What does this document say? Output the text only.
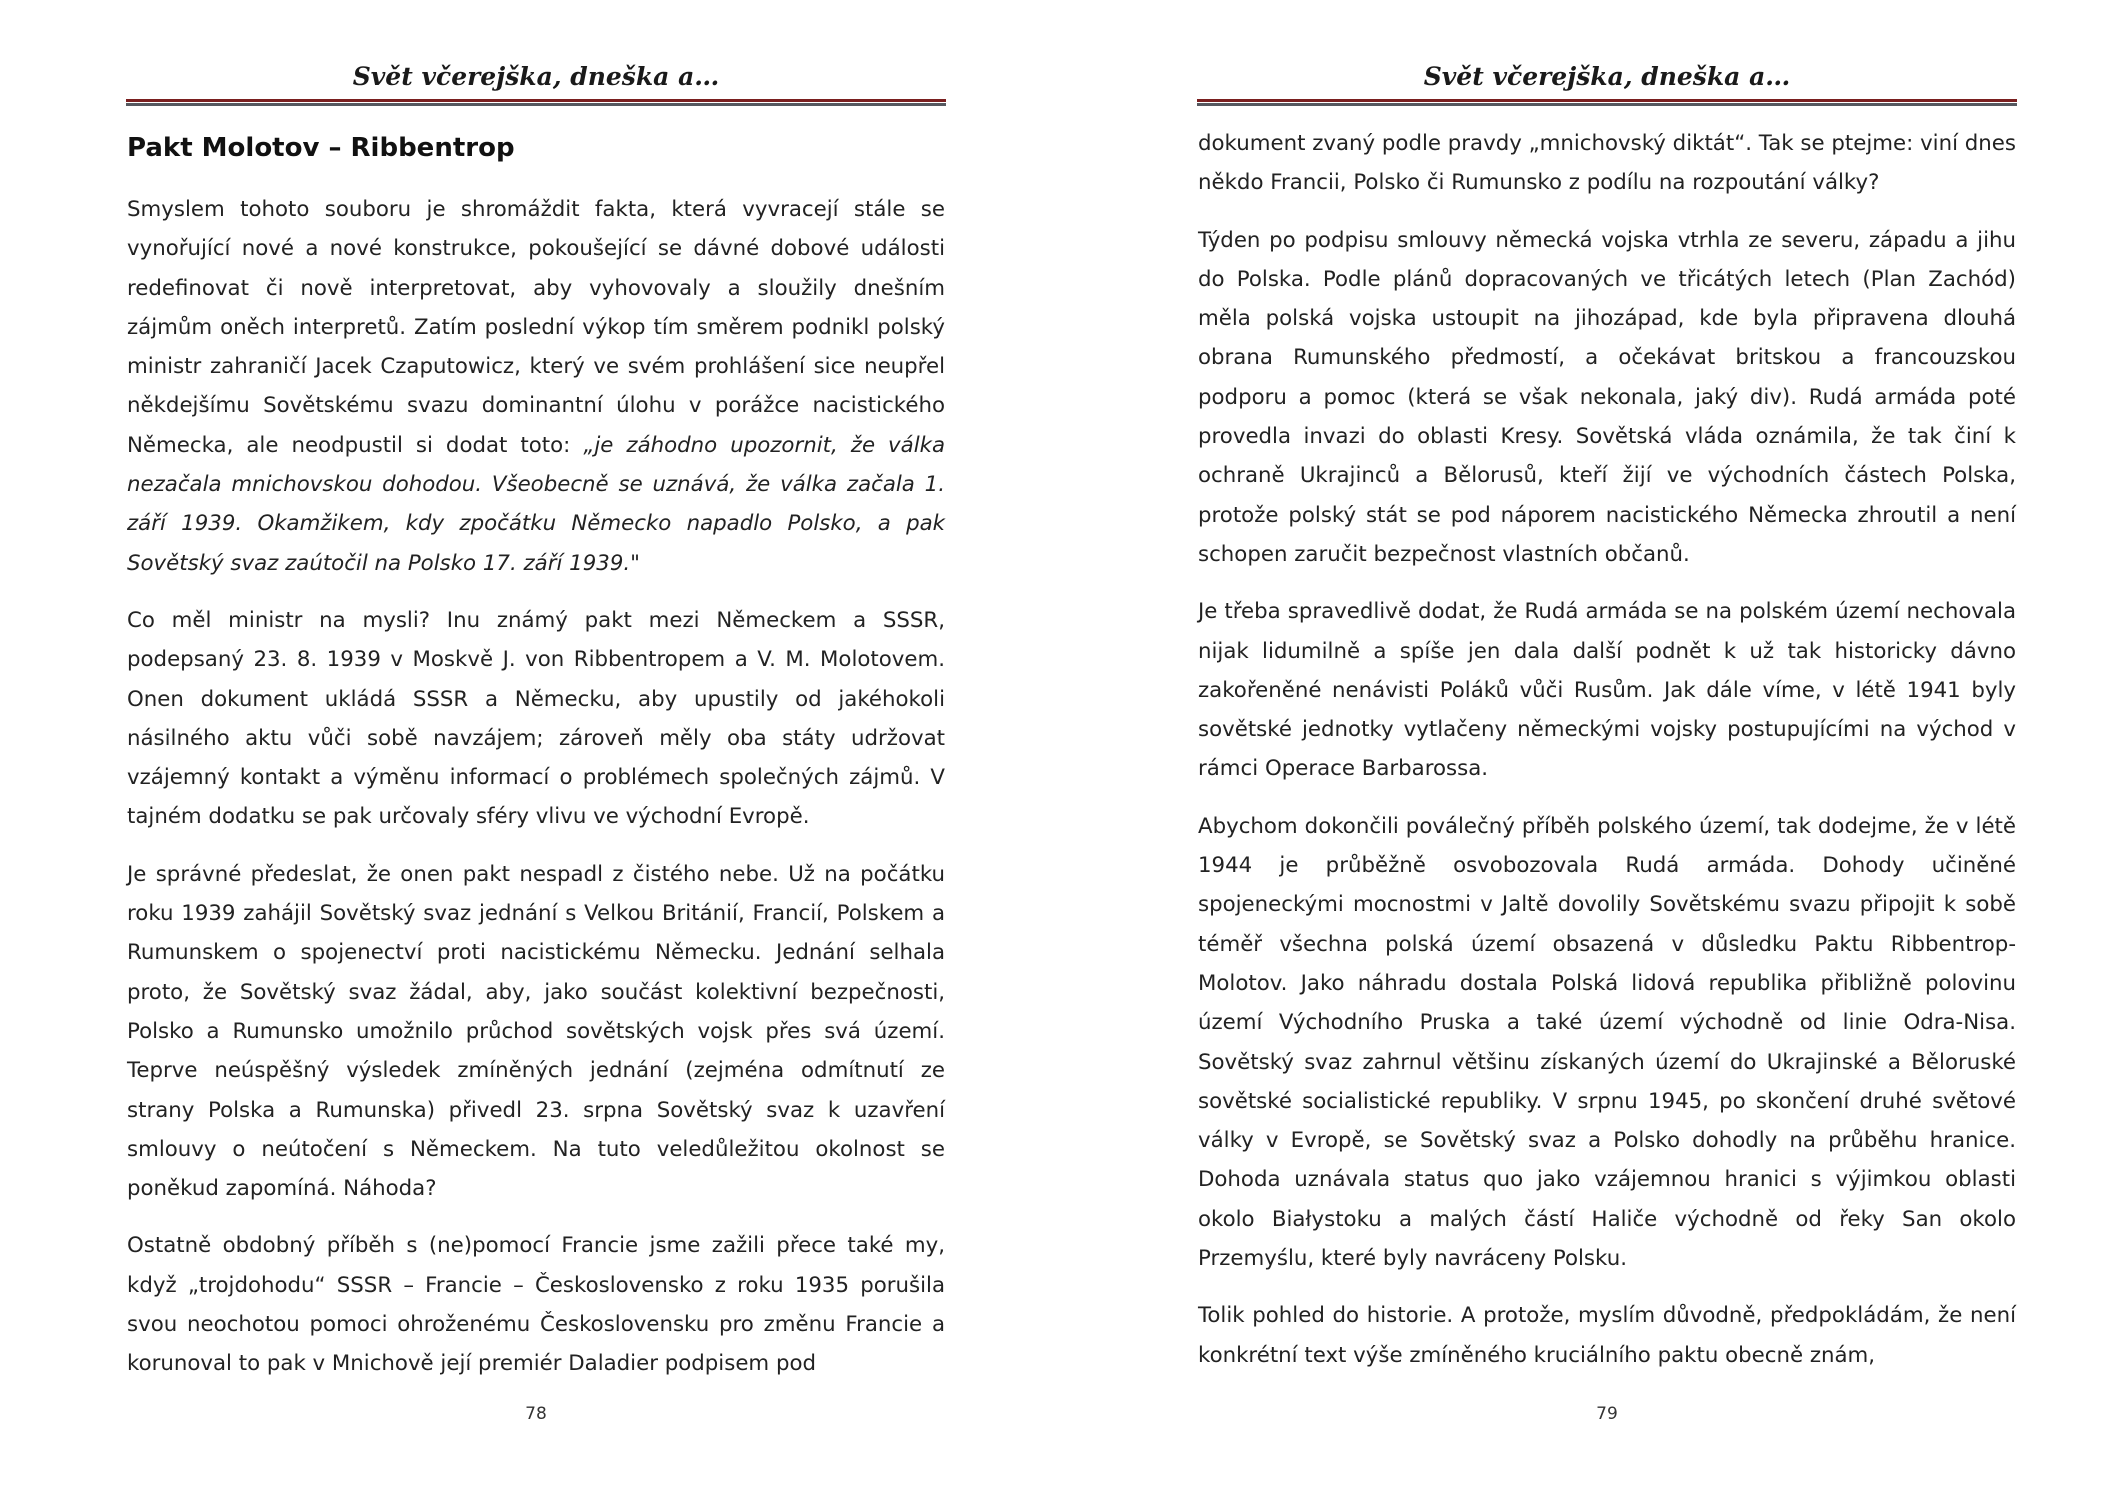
Svět včerejška, dneška a…
Pakt Molotov – Ribbentrop

Smyslem tohoto souboru je shromáždit fakta, která vyvracejí stále se vynořující nové a nové konstrukce, pokoušející se dávné dobové události redefinovat či nově interpretovat, aby vyhovovaly a sloužily dnešním zájmům oněch interpretů. Zatím poslední výkop tím směrem podnikl polský ministr zahraničí Jacek Czaputowicz, který ve svém prohlášení sice neupřel někdejšímu Sovětskému svazu dominantní úlohu v porážce nacistického Německa, ale neodpustil si dodat toto: „je záhodno upozornit, že válka nezačala mnichovskou dohodou. Všeobecně se uznává, že válka začala 1. září 1939. Okamžikem, kdy zpočátku Německo napadlo Polsko, a pak Sovětský svaz zaútočil na Polsko 17. září 1939."

Co měl ministr na mysli? Inu známý pakt mezi Německem a SSSR, podepsaný 23. 8. 1939 v Moskvě J. von Ribbentropem a V. M. Molotovem. Onen dokument ukládá SSSR a Německu, aby upustily od jakéhokoli násilného aktu vůči sobě navzájem; zároveň měly oba státy udržovat vzájemný kontakt a výměnu informací o problémech společných zájmů. V tajném dodatku se pak určovaly sféry vlivu ve východní Evropě.

Je správné předeslat, že onen pakt nespadl z čistého nebe. Už na počátku roku 1939 zahájil Sovětský svaz jednání s Velkou Británií, Francií, Polskem a Rumunskem o spojenectví proti nacistickému Německu. Jednání selhala proto, že Sovětský svaz žádal, aby, jako součást kolektivní bezpečnosti, Polsko a Rumunsko umožnilo průchod sovětských vojsk přes svá území. Teprve neúspěšný výsledek zmíněných jednání (zejména odmítnutí ze strany Polska a Rumunska) přivedl 23. srpna Sovětský svaz k uzavření smlouvy o neútočení s Německem. Na tuto veledůležitou okolnost se poněkud zapomíná. Náhoda?

Ostatně obdobný příběh s (ne)pomocí Francie jsme zažili přece také my, když „trojdohodu“ SSSR – Francie – Československo z roku 1935 porušila svou neochotou pomoci ohroženému Československu pro změnu Francie a korunoval to pak v Mnichově její premiér Daladier podpisem pod

78
Svět včerejška, dneška a…

dokument zvaný podle pravdy „mnichovský diktát“. Tak se ptejme: viní dnes někdo Francii, Polsko či Rumunsko z podílu na rozpoutání války?

Týden po podpisu smlouvy německá vojska vtrhla ze severu, západu a jihu do Polska. Podle plánů dopracovaných ve třicátých letech (Plan Zachód) měla polská vojska ustoupit na jihozápad, kde byla připravena dlouhá obrana Rumunského předmostí, a očekávat britskou a francouzskou podporu a pomoc (která se však nekonala, jaký div). Rudá armáda poté provedla invazi do oblasti Kresy. Sovětská vláda oznámila, že tak činí k ochraně Ukrajinců a Bělorusů, kteří žijí ve východních částech Polska, protože polský stát se pod náporem nacistického Německa zhroutil a není schopen zaručit bezpečnost vlastních občanů.

Je třeba spravedlivě dodat, že Rudá armáda se na polském území nechovala nijak lidumilně a spíše jen dala další podnět k už tak historicky dávno zakořeněné nenávisti Poláků vůči Rusům. Jak dále víme, v létě 1941 byly sovětské jednotky vytlačeny německými vojsky postupujícími na východ v rámci Operace Barbarossa.

Abychom dokončili poválečný příběh polského území, tak dodejme, že v létě 1944 je průběžně osvobozovala Rudá armáda. Dohody učiněné spojeneckými mocnostmi v Jaltě dovolily Sovětskému svazu připojit k sobě téměř všechna polská území obsazená v důsledku Paktu Ribbentrop-Molotov. Jako náhradu dostala Polská lidová republika přibližně polovinu území Východního Pruska a také území východně od linie Odra-Nisa. Sovětský svaz zahrnul většinu získaných území do Ukrajinské a Běloruské sovětské socialistické republiky. V srpnu 1945, po skončení druhé světové války v Evropě, se Sovětský svaz a Polsko dohodly na průběhu hranice. Dohoda uznávala status quo jako vzájemnou hranici s výjimkou oblasti okolo Białystoku a malých částí Haliče východně od řeky San okolo Przemyślu, které byly navráceny Polsku.

Tolik pohled do historie. A protože, myslím důvodně, předpokládám, že není konkrétní text výše zmíněného kruciálního paktu obecně znám,

79
